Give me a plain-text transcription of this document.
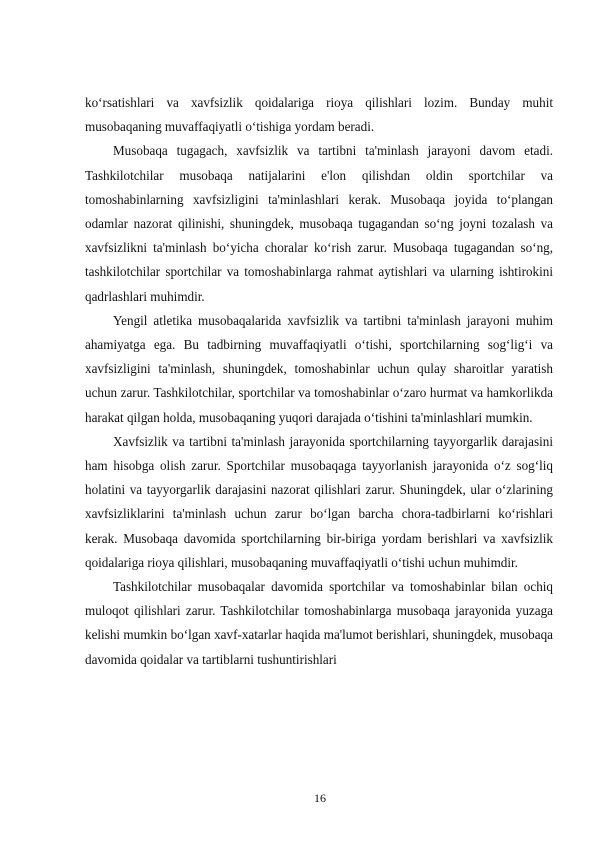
ko‘rsatishlari va xavfsizlik qoidalariga rioya qilishlari lozim. Bunday muhit musobaqaning muvaffaqiyatli o‘tishiga yordam beradi.

Musobaqa tugagach, xavfsizlik va tartibni ta'minlash jarayoni davom etadi. Tashkilotchilar musobaqa natijalarini e'lon qilishdan oldin sportchilar va tomoshabinlarning xavfsizligini ta'minlashlari kerak. Musobaqa joyida to‘plangan odamlar nazorat qilinishi, shuningdek, musobaqa tugagandan so‘ng joyni tozalash va xavfsizlikni ta'minlash bo‘yicha choralar ko‘rish zarur. Musobaqa tugagandan so‘ng, tashkilotchilar sportchilar va tomoshabinlarga rahmat aytishlari va ularning ishtirokini qadrlashlari muhimdir.

Yengil atletika musobaqalarida xavfsizlik va tartibni ta'minlash jarayoni muhim ahamiyatga ega. Bu tadbirning muvaffaqiyatli o‘tishi, sportchilarning sog‘lig‘i va xavfsizligini ta'minlash, shuningdek, tomoshabinlar uchun qulay sharoitlar yaratish uchun zarur. Tashkilotchilar, sportchilar va tomoshabinlar o‘zaro hurmat va hamkorlikda harakat qilgan holda, musobaqaning yuqori darajada o‘tishini ta'minlashlari mumkin.

Xavfsizlik va tartibni ta'minlash jarayonida sportchilarning tayyorgarlik darajasini ham hisobga olish zarur. Sportchilar musobaqaga tayyorlanish jarayonida o‘z sog‘liq holatini va tayyorgarlik darajasini nazorat qilishlari zarur. Shuningdek, ular o‘zlarining xavfsizliklarini ta'minlash uchun zarur bo‘lgan barcha chora-tadbirlarni ko‘rishlari kerak. Musobaqa davomida sportchilarning bir-biriga yordam berishlari va xavfsizlik qoidalariga rioya qilishlari, musobaqaning muvaffaqiyatli o‘tishi uchun muhimdir.

Tashkilotchilar musobaqalar davomida sportchilar va tomoshabinlar bilan ochiq muloqot qilishlari zarur. Tashkilotchilar tomoshabinlarga musobaqa jarayonida yuzaga kelishi mumkin bo‘lgan xavf-xatarlar haqida ma'lumot berishlari, shuningdek, musobaqa davomida qoidalar va tartiblarni tushuntirishlari

16
